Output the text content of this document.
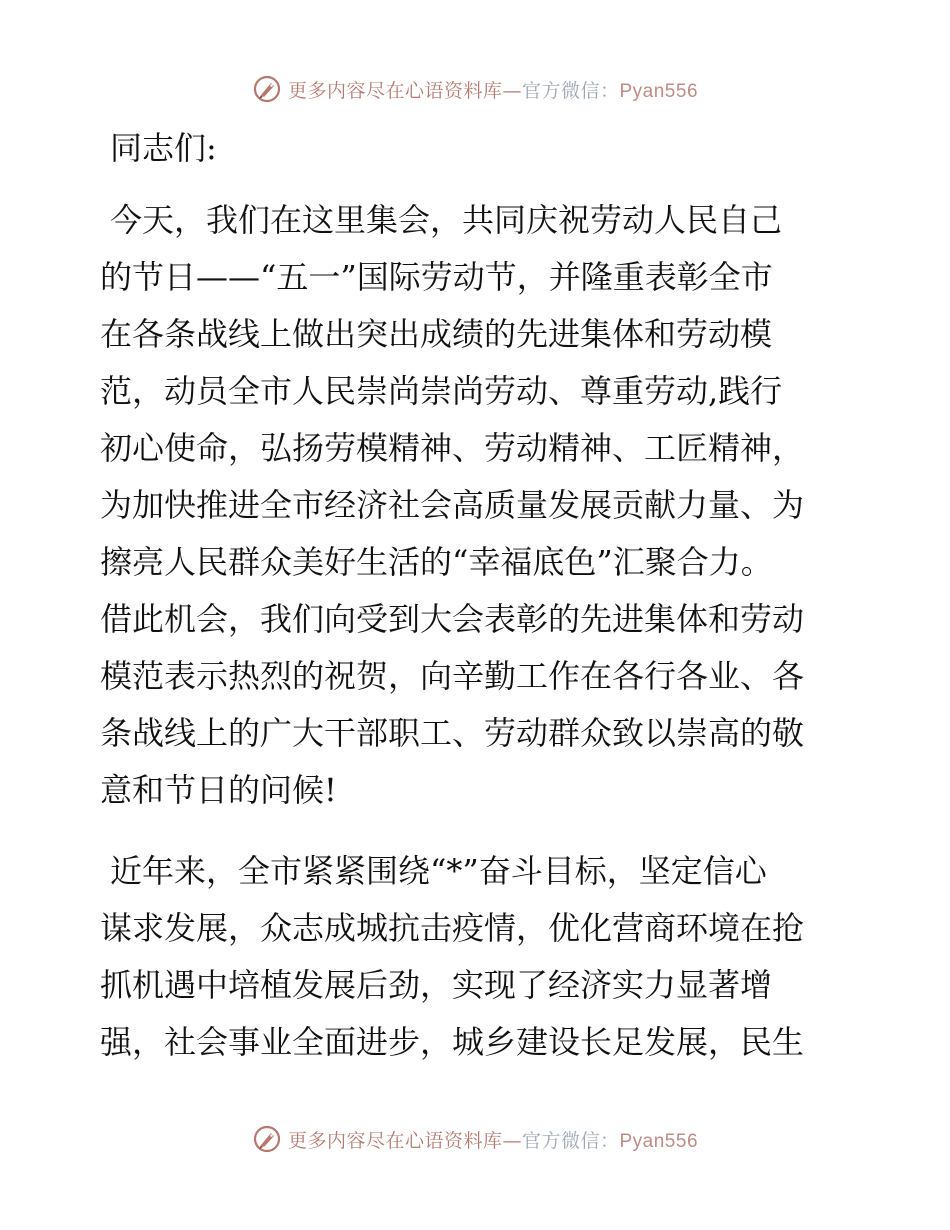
更多内容尽在心语资料库—官方微信：Pyan556
同志们:
今天，我们在这里集会，共同庆祝劳动人民自己
的节日——“五一”国际劳动节，并隆重表彰全市
在各条战线上做出突出成绩的先进集体和劳动模
范，动员全市人民崇尚崇尚劳动、尊重劳动,践行
初心使命，弘扬劳模精神、劳动精神、工匠精神，
为加快推进全市经济社会高质量发展贡献力量、为
擦亮人民群众美好生活的“幸福底色”汇聚合力。
借此机会，我们向受到大会表彰的先进集体和劳动
模范表示热烈的祝贺，向辛勤工作在各行各业、各
条战线上的广大干部职工、劳动群众致以崇高的敬
意和节日的问候!
近年来，全市紧紧围绕“*”奋斗目标，坚定信心
谋求发展，众志成城抗击疫情，优化营商环境在抢
抓机遇中培植发展后劲，实现了经济实力显著增
强，社会事业全面进步，城乡建设长足发展，民生
更多内容尽在心语资料库—官方微信：Pyan556
